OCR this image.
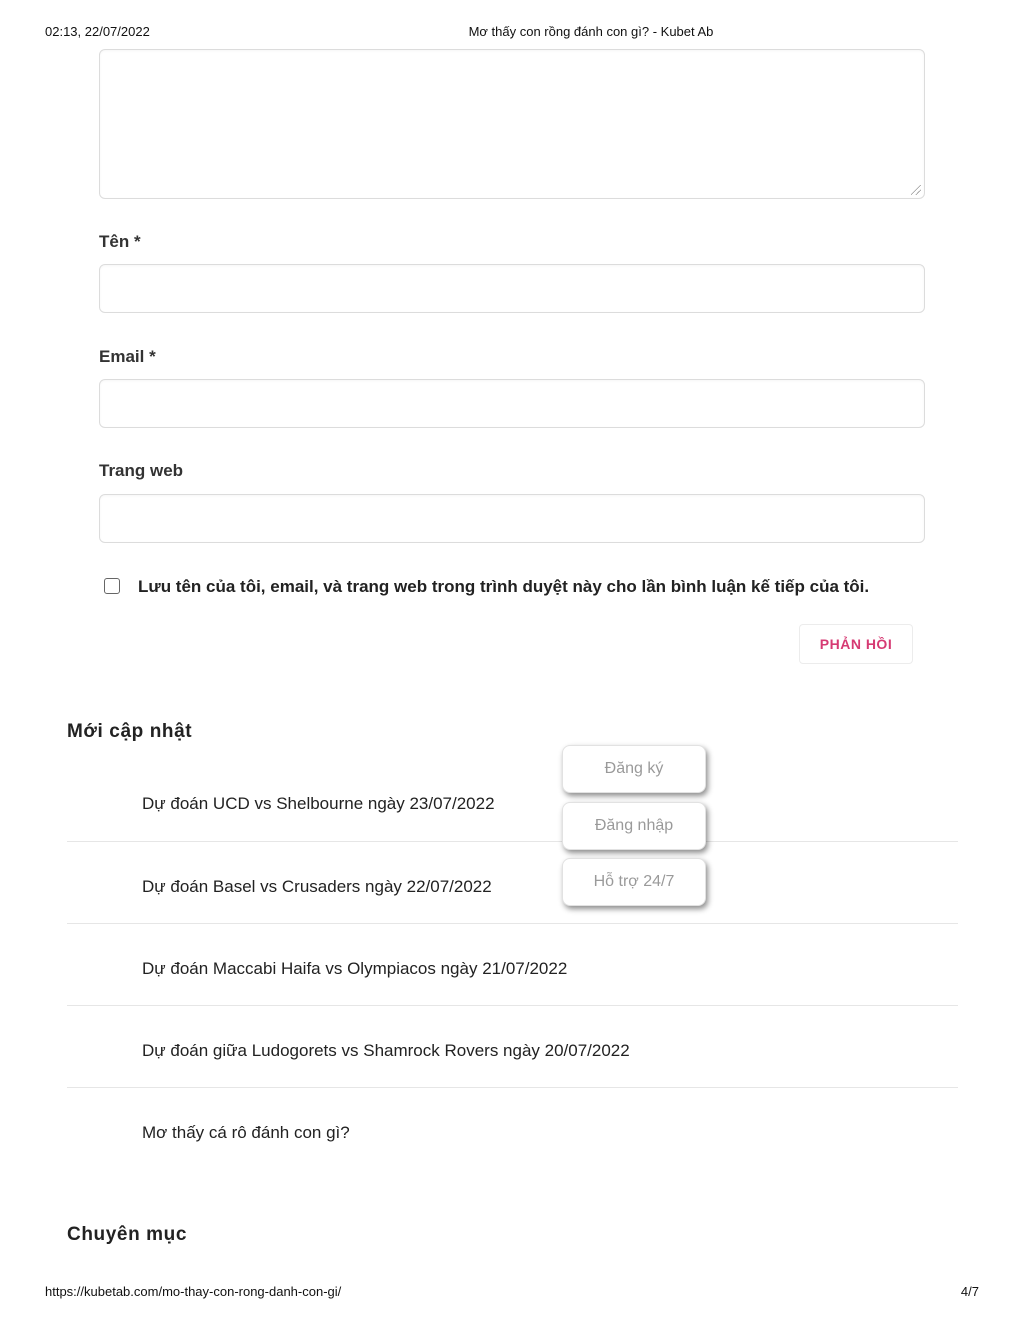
02:13, 22/07/2022	Mơ thấy con rồng đánh con gì? - Kubet Ab
Tên *
Email *
Trang web
Lưu tên của tôi, email, và trang web trong trình duyệt này cho lần bình luận kế tiếp của tôi.
PHẢN HỒI
Mới cập nhật
Dự đoán UCD vs Shelbourne ngày 23/07/2022
Dự đoán Basel vs Crusaders ngày 22/07/2022
Dự đoán Maccabi Haifa vs Olympiacos ngày 21/07/2022
Dự đoán giữa Ludogorets vs Shamrock Rovers ngày 20/07/2022
Mơ thấy cá rô đánh con gì?
Đăng ký
Đăng nhập
Hỗ trợ 24/7
Chuyên mục
https://kubetab.com/mo-thay-con-rong-danh-con-gi/	4/7
